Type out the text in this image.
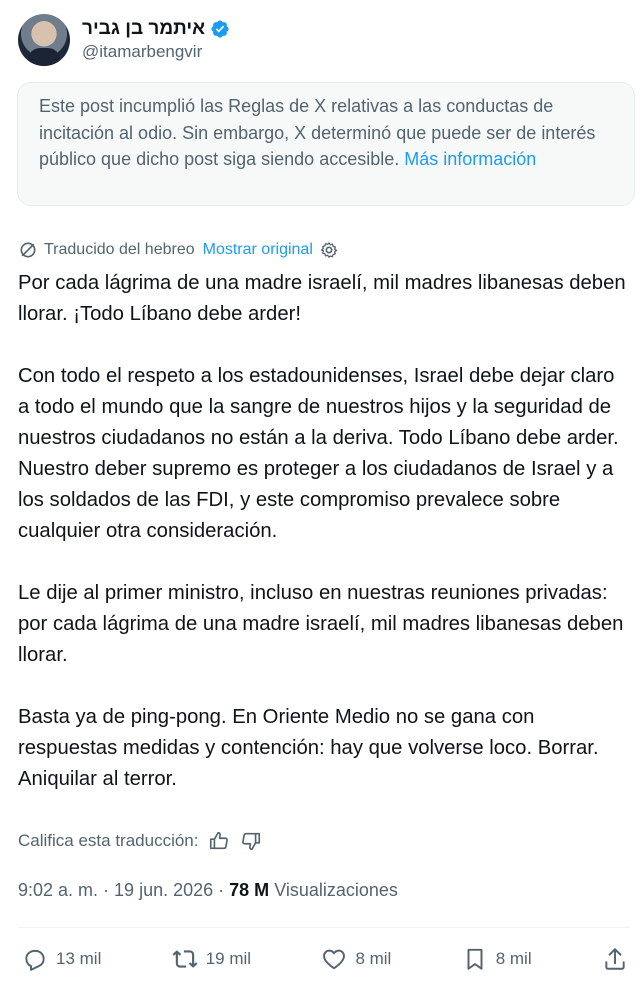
איתמר בן גביר
@itamarbengvir
Este post incumplió las Reglas de X relativas a las conductas de incitación al odio. Sin embargo, X determinó que puede ser de interés público que dicho post siga siendo accesible. Más información
Traducido del hebreo Mostrar original

Por cada lágrima de una madre israelí, mil madres libanesas deben llorar. ¡Todo Líbano debe arder!

Con todo el respeto a los estadounidenses, Israel debe dejar claro a todo el mundo que la sangre de nuestros hijos y la seguridad de nuestros ciudadanos no están a la deriva. Todo Líbano debe arder. Nuestro deber supremo es proteger a los ciudadanos de Israel y a los soldados de las FDI, y este compromiso prevalece sobre cualquier otra consideración.

Le dije al primer ministro, incluso en nuestras reuniones privadas: por cada lágrima de una madre israelí, mil madres libanesas deben llorar.

Basta ya de ping-pong. En Oriente Medio no se gana con respuestas medidas y contención: hay que volverse loco. Borrar. Aniquilar al terror.

Califica esta traducción:
9:02 a. m. · 19 jun. 2026 · 78 M Visualizaciones
13 mil	19 mil	8 mil	8 mil
